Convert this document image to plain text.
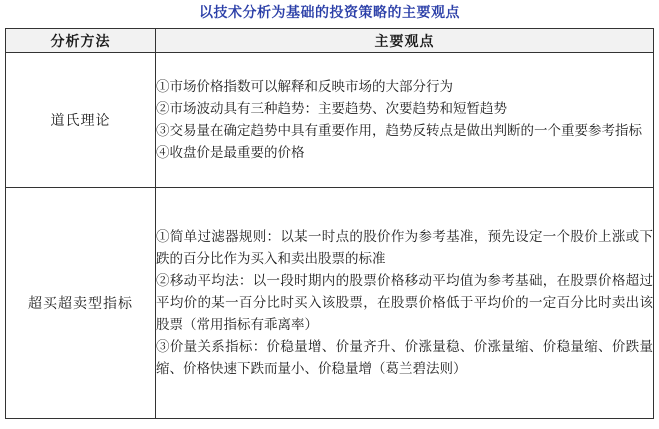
以技术分析为基础的投资策略的主要观点
分析方法	主要观点
道氏理论	①市场价格指数可以解释和反映市场的大部分行为
②市场波动具有三种趋势：主要趋势、次要趋势和短暂趋势
③交易量在确定趋势中具有重要作用，趋势反转点是做出判断的一个重要参考指标
④收盘价是最重要的价格

超买超卖型指标	①简单过滤器规则：以某一时点的股价作为参考基准，预先设定一个股价上涨或下跌的百分比作为买入和卖出股票的标准
②移动平均法：以一段时期内的股票价格移动平均值为参考基础，在股票价格超过平均价的某一百分比时买入该股票，在股票价格低于平均价的一定百分比时卖出该股票（常用指标有乖离率）
③价量关系指标：价稳量增、价量齐升、价涨量稳、价涨量缩、价稳量缩、价跌量缩、价格快速下跌而量小、价稳量增（葛兰碧法则）
